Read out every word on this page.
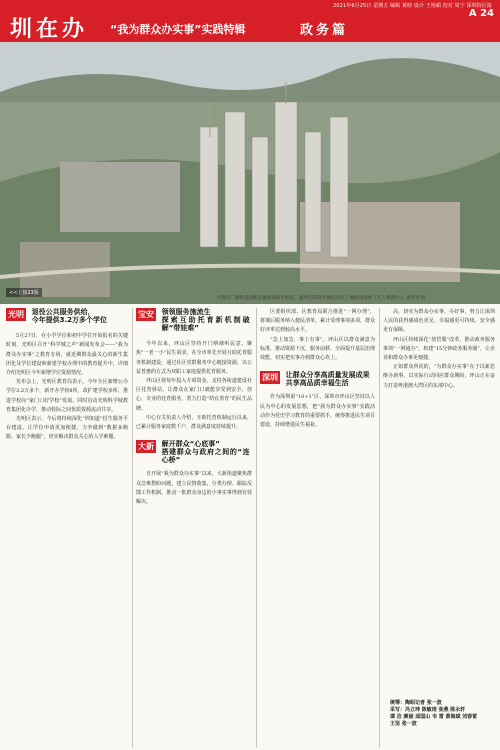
2021年6月25日 星期五 编辑 黄晗 设计 王艳媚 校对 周宁 深圳特区报
圳在办 “我为群众办实事”实践特辑	政务篇
A 24
<<上接23版
大鸿区广深科技创新走廊建设稳步推进，深圳光明科学城启动区工地建设现场（无人机照片）。新华社图
光明 退役公共服务供给，
今年提供3.2万多个学位

5月27日，在小学学位和初中学位开始报名的关键时刻，光明区召开“科学城之声”新闻发布会——“我为群众办实事”之教育专场，就近期群众最关心的新生集团化及学位建设和新建学校办理中的教育提升中，详细介绍光明区今年新增学位资源情况。

发布会上，光明区教育局表示，今年全区新增公办学位3.2万多个，新开办学校8所，改扩建学校多所，推进学校向“家门口好学校”发展。同时启动光明科学城教育集团化办学，推动校际之间优质资源流动共享。

光明区表示，今后将持续深化“圳知道”招生服务平台建设，让学位申请更加便捷，力争做到“数据多跑路、家长少跑腿”，切实解决群众关心的入学难题。

宝安 领领服务施流生
探索互助托育新机制破解“带娃难”

今年以来，坪山区坚持开门纳谏听民意，聚焦“一老一小”民生需求，在全市率先开展互助托育服务机制建设，通过社区党群服务中心链接资源，以公益普惠的方式为双职工家庭提供托育服务。

坪山区将每年投入专项资金，支持各街道建设社区托育驿站，让群众在家门口就能享受到安全、放心、专业的托育服务，着力打造“幼有善育”的民生品牌。

中心有关负责人介绍，互助托育机制运行以来，已累计服务家庭数千户，群众满意度持续提升。

大新 解开群众“心底事”
搭建群众与政府之间的“连心桥”

自开展“我为群众办实事”以来，大新街道聚焦群众急难愁盼问题，建立民情收集、分类办理、跟踪反馈工作机制，推动一批群众身边的小事实事得到有效解决。

区委组织部、区教育局联合推进“一网办理”，将课后服务纳入便民清单，累计受理事项多项，群众好评率达到较高水平。

“急上加急，事上有事”，坪山区以群众满意为标准，推动资源下沉、服务前移，全面提升基层治理效能，切实把实事办到群众心坎上。

深圳 让群众分享高质量发展成果
共享高品质幸福生活

作为深圳第“10+1”区，深圳市坪山区坚持以人民为中心的发展思想，把“我为群众办实事”实践活动作为党史学习教育的重要抓手，统筹推进民生项目建设，持续增进民生福祉。

高，切实为群众办实事、办好事，努力让深圳人民的获得感成色更足、幸福感更可持续、安全感更有保障。

坪山区持续深化“放管服”改革，推动政务服务事项“一网通办”，构建“15分钟政务服务圈”，让企业和群众办事更便捷。

正如群众所说的，“为群众办实事”在于以新思维办新事，以实际行动回应群众期盼，坪山正在奋力打造粤港澳大湾区的东部中心。

统筹：陶昭记者 张一波
采写：冯立坤 陈敏雨 张燕 陈永轩
谭 洁 颜丽 邱国山 韦 雷 黄海斌 刘春雷
王坚 张一波
